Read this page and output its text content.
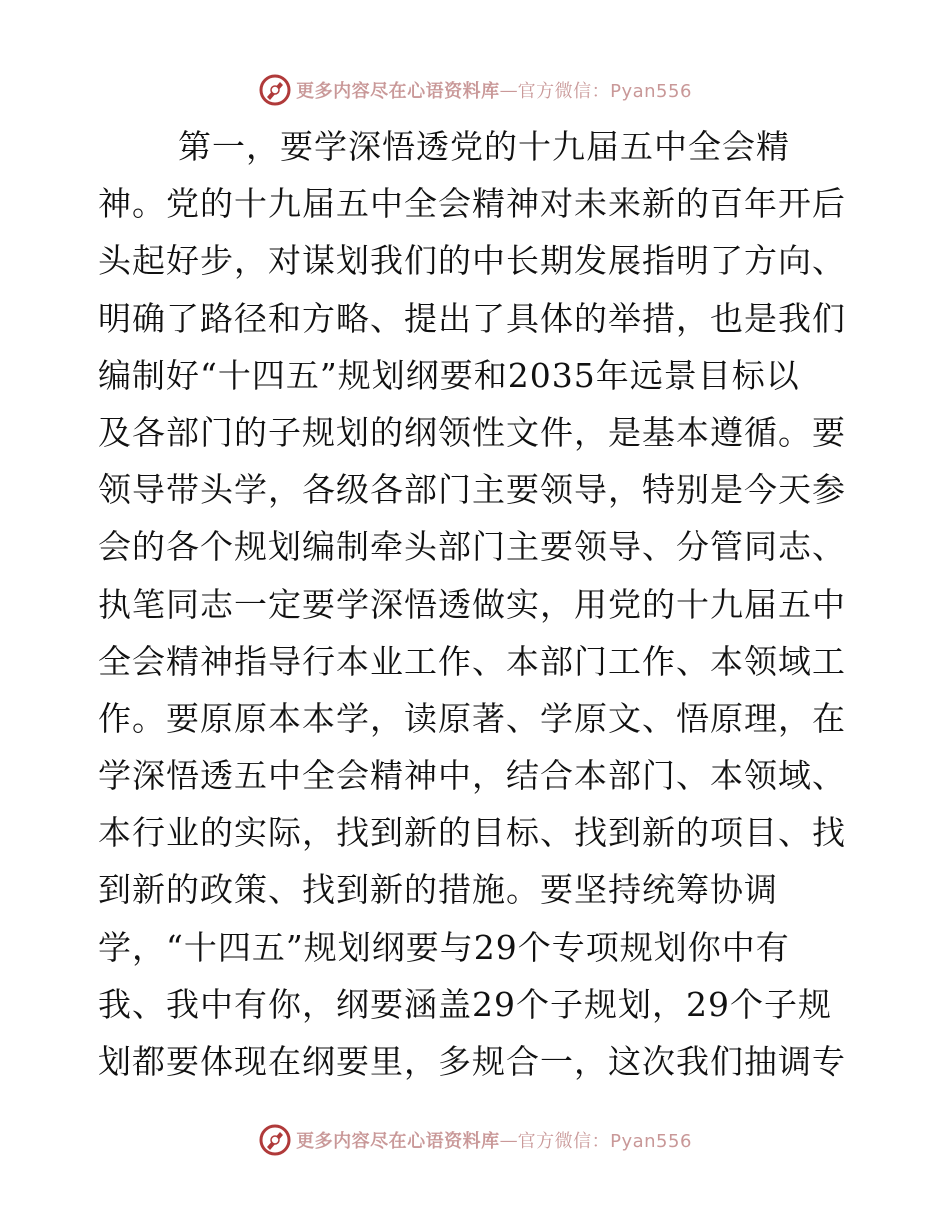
更多内容尽在心语资料库 — 官方微信：Pyan556
第一，要学深悟透党的十九届五中全会精
神。党的十九届五中全会精神对未来新的百年开后
头起好步，对谋划我们的中长期发展指明了方向、
明确了路径和方略、提出了具体的举措，也是我们
编制好“十四五”规划纲要和2035年远景目标以
及各部门的子规划的纲领性文件，是基本遵循。要
领导带头学，各级各部门主要领导，特别是今天参
会的各个规划编制牵头部门主要领导、分管同志、
执笔同志一定要学深悟透做实，用党的十九届五中
全会精神指导行本业工作、本部门工作、本领域工
作。要原原本本学，读原著、学原文、悟原理，在
学深悟透五中全会精神中，结合本部门、本领域、
本行业的实际，找到新的目标、找到新的项目、找
到新的政策、找到新的措施。要坚持统筹协调
学，“十四五”规划纲要与29个专项规划你中有
我、我中有你，纲要涵盖29个子规划，29个子规
划都要体现在纲要里，多规合一，这次我们抽调专
更多内容尽在心语资料库 — 官方微信：Pyan556
